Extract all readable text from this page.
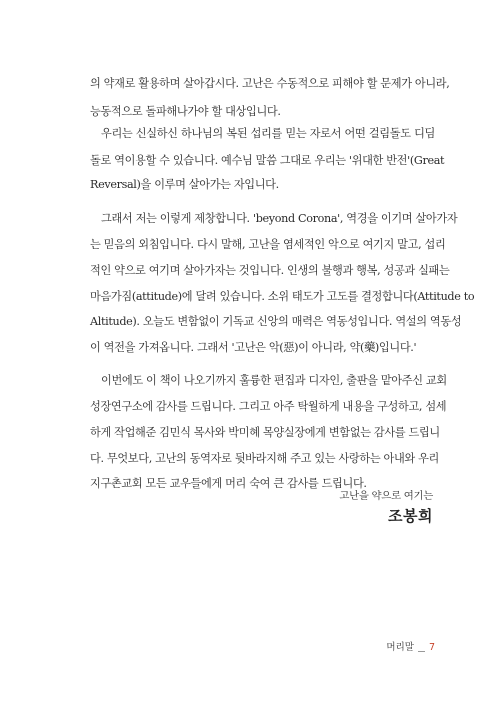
의 약재로 활용하며 살아갑시다. 고난은 수동적으로 피해야 할 문제가 아니라,
능동적으로 돌파해나가야 할 대상입니다.
우리는 신실하신 하나님의 복된 섭리를 믿는 자로서 어떤 걸림돌도 디딤
돌로 역이용할 수 있습니다. 예수님 말씀 그대로 우리는 '위대한 반전'(Great
Reversal)을 이루며 살아가는 자입니다.
그래서 저는 이렇게 제창합니다. 'beyond Corona', 역경을 이기며 살아가자
는 믿음의 외침입니다. 다시 말해, 고난을 염세적인 악으로 여기지 말고, 섭리
적인 약으로 여기며 살아가자는 것입니다. 인생의 불행과 행복, 성공과 실패는
마음가짐(attitude)에 달려 있습니다. 소위 태도가 고도를 결정합니다(Attitude to
Altitude). 오늘도 변함없이 기독교 신앙의 매력은 역동성입니다. 역설의 역동성
이 역전을 가져옵니다. 그래서 '고난은 악(惡)이 아니라, 약(藥)입니다.'
이번에도 이 책이 나오기까지 훌륭한 편집과 디자인, 출판을 맡아주신 교회
성장연구소에 감사를 드립니다. 그리고 아주 탁월하게 내용을 구성하고, 섬세
하게 작업해준 김민식 목사와 박미혜 목양실장에게 변함없는 감사를 드립니
다. 무엇보다, 고난의 동역자로 뒷바라지해 주고 있는 사랑하는 아내와 우리
지구촌교회 모든 교우들에게 머리 숙여 큰 감사를 드립니다.
고난을 약으로 여기는
조봉희
머리말 7
